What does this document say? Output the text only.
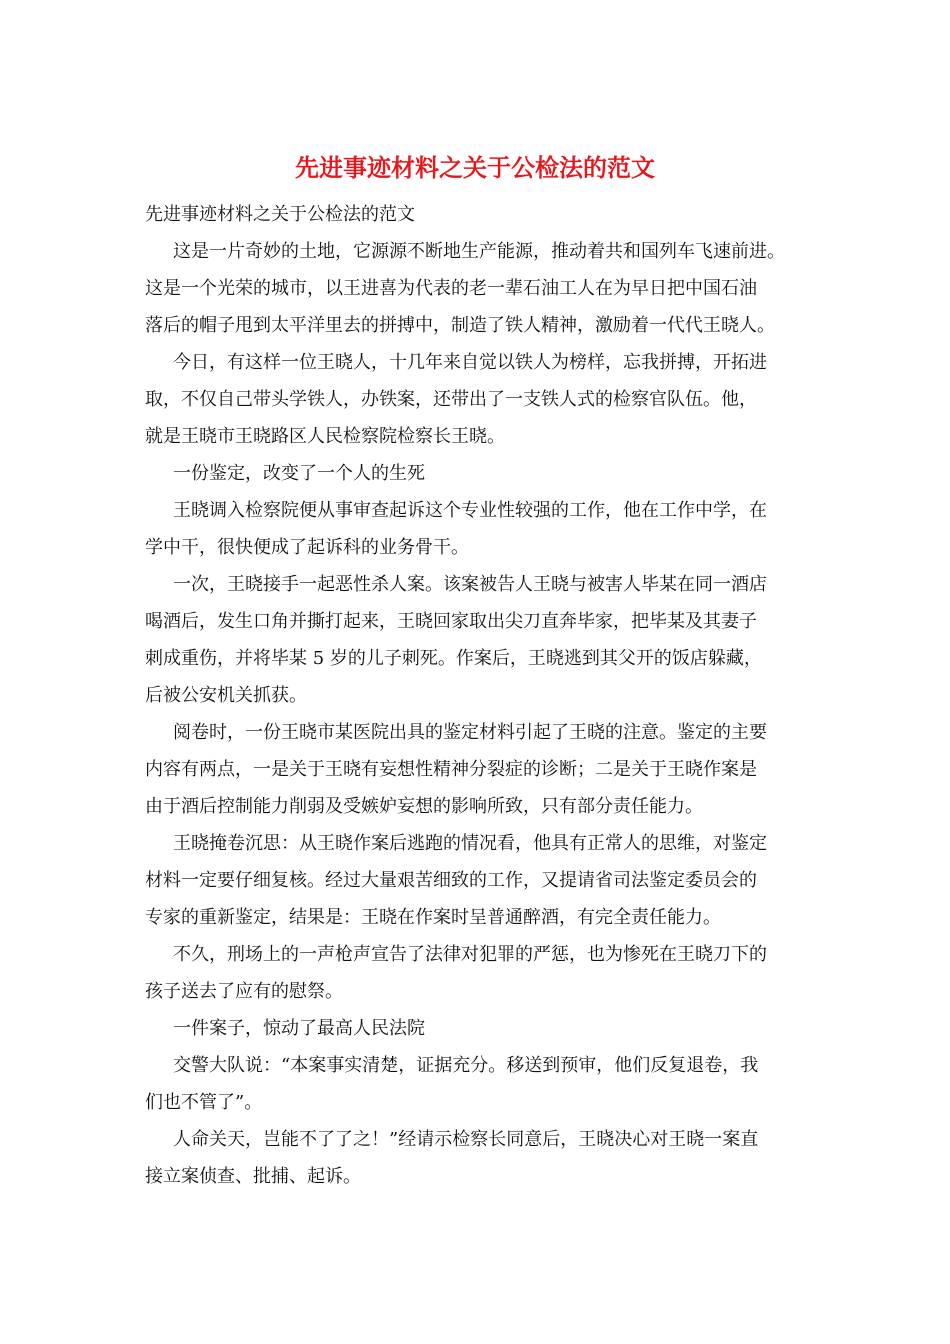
先进事迹材料之关于公检法的范文
先进事迹材料之关于公检法的范文
这是一片奇妙的土地，它源源不断地生产能源，推动着共和国列车飞速前进。
这是一个光荣的城市，以王进喜为代表的老一辈石油工人在为早日把中国石油
落后的帽子甩到太平洋里去的拼搏中，制造了铁人精神，激励着一代代王晓人。
今日，有这样一位王晓人，十几年来自觉以铁人为榜样，忘我拼搏，开拓进
取，不仅自己带头学铁人，办铁案，还带出了一支铁人式的检察官队伍。他，
就是王晓市王晓路区人民检察院检察长王晓。
一份鉴定，改变了一个人的生死
王晓调入检察院便从事审查起诉这个专业性较强的工作，他在工作中学，在
学中干，很快便成了起诉科的业务骨干。
一次，王晓接手一起恶性杀人案。该案被告人王晓与被害人毕某在同一酒店
喝酒后，发生口角并撕打起来，王晓回家取出尖刀直奔毕家，把毕某及其妻子
刺成重伤，并将毕某 5 岁的儿子刺死。作案后，王晓逃到其父开的饭店躲藏，
后被公安机关抓获。
阅卷时，一份王晓市某医院出具的鉴定材料引起了王晓的注意。鉴定的主要
内容有两点，一是关于王晓有妄想性精神分裂症的诊断；二是关于王晓作案是
由于酒后控制能力削弱及受嫉妒妄想的影响所致，只有部分责任能力。
王晓掩卷沉思：从王晓作案后逃跑的情况看，他具有正常人的思维，对鉴定
材料一定要仔细复核。经过大量艰苦细致的工作，又提请省司法鉴定委员会的
专家的重新鉴定，结果是：王晓在作案时呈普通醉酒，有完全责任能力。
不久，刑场上的一声枪声宣告了法律对犯罪的严惩，也为惨死在王晓刀下的
孩子送去了应有的慰祭。
一件案子，惊动了最高人民法院
交警大队说：“本案事实清楚，证据充分。移送到预审，他们反复退卷，我
们也不管了”。
人命关天，岂能不了了之！”经请示检察长同意后，王晓决心对王晓一案直
接立案侦查、批捕、起诉。
